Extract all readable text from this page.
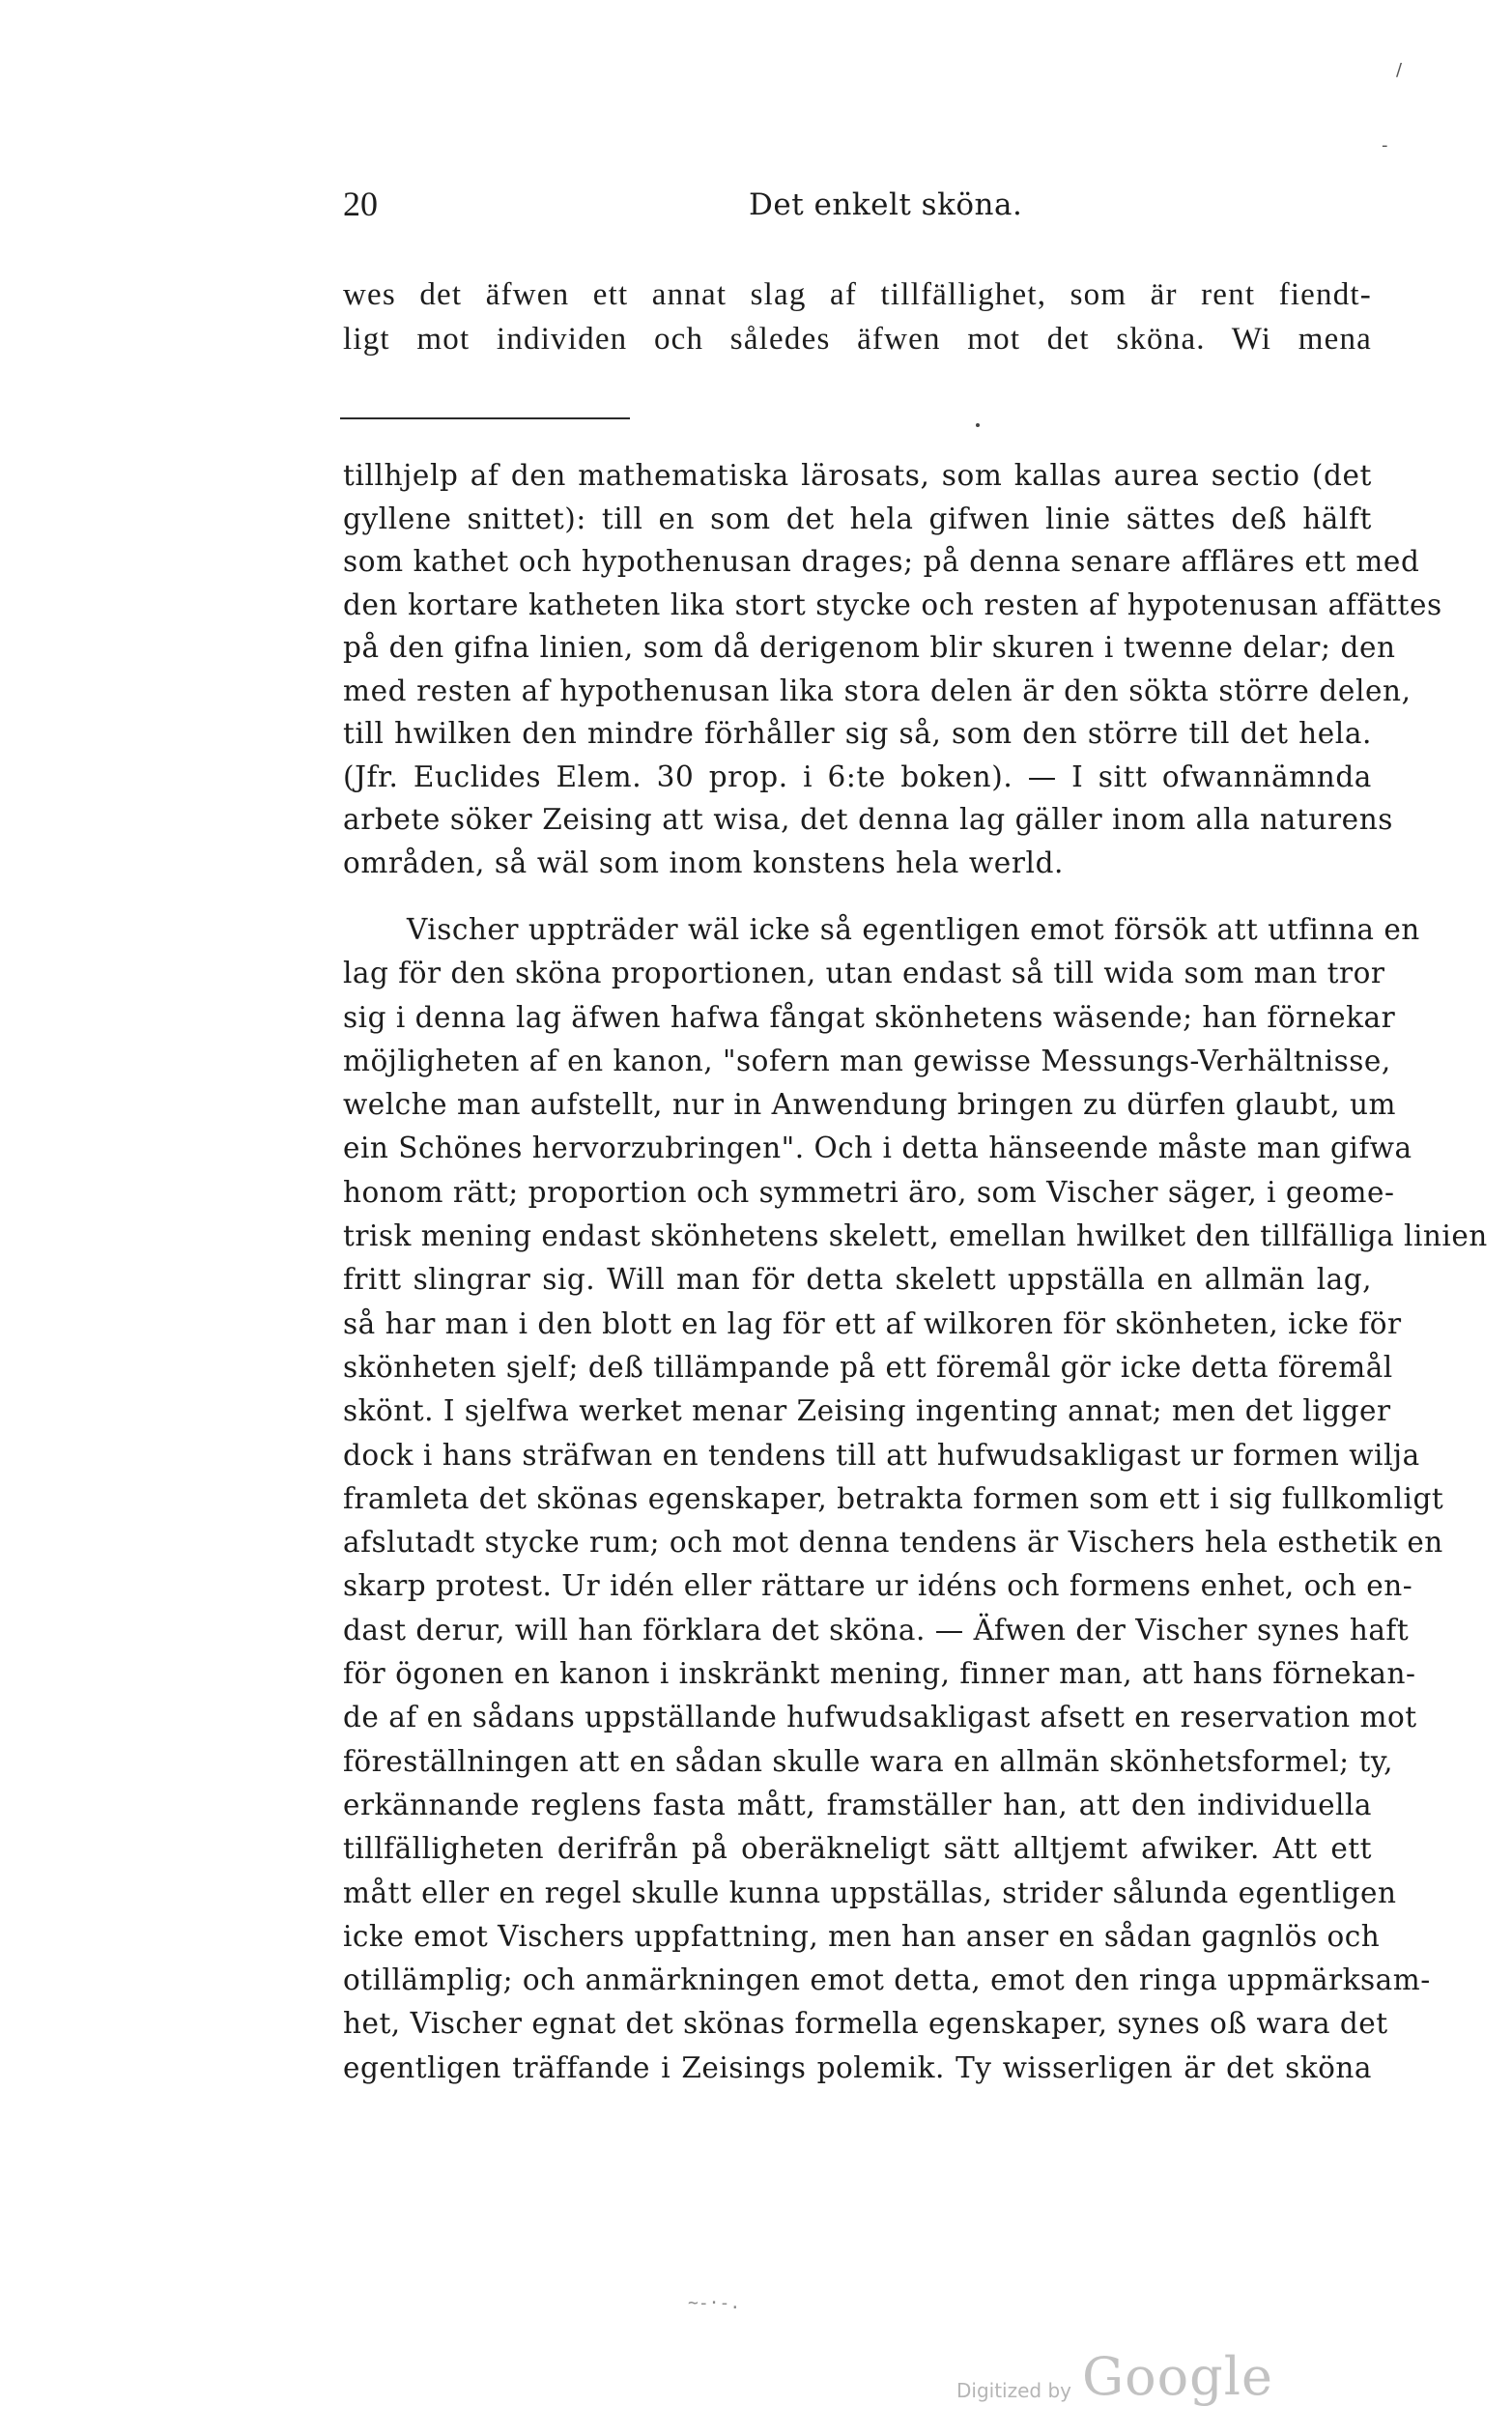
20	Det enkelt sköna.
wes det äfwen ett annat slag af tillfällighet, som är rent fiendt-
ligt mot individen och således äfwen mot det sköna. Wi mena
tillhjelp af den mathematiska lärosats, som kallas aurea sectio (det
gyllene snittet): till en som det hela gifwen linie sättes deß hälft
som kathet och hypothenusan drages; på denna senare affläres ett med
den kortare katheten lika stort stycke och resten af hypotenusan affättes
på den gifna linien, som då derigenom blir skuren i twenne delar; den
med resten af hypothenusan lika stora delen är den sökta större delen,
till hwilken den mindre förhåller sig så, som den större till det hela.
(Jfr. Euclides Elem. 30 prop. i 6:te boken). — I sitt ofwannämnda
arbete söker Zeising att wisa, det denna lag gäller inom alla naturens
områden, så wäl som inom konstens hela werld.
Vischer uppträder wäl icke så egentligen emot försök att utfinna en
lag för den sköna proportionen, utan endast så till wida som man tror
sig i denna lag äfwen hafwa fångat skönhetens wäsende; han förnekar
möjligheten af en kanon, "sofern man gewisse Messungs-Verhältnisse,
welche man aufstellt, nur in Anwendung bringen zu dürfen glaubt, um
ein Schönes hervorzubringen". Och i detta hänseende måste man gifwa
honom rätt; proportion och symmetri äro, som Vischer säger, i geome-
trisk mening endast skönhetens skelett, emellan hwilket den tillfälliga linien
fritt slingrar sig. Will man för detta skelett uppställa en allmän lag,
så har man i den blott en lag för ett af wilkoren för skönheten, icke för
skönheten sjelf; deß tillämpande på ett föremål gör icke detta föremål
skönt. I sjelfwa werket menar Zeising ingenting annat; men det ligger
dock i hans sträfwan en tendens till att hufwudsakligast ur formen wilja
framleta det skönas egenskaper, betrakta formen som ett i sig fullkomligt
afslutadt stycke rum; och mot denna tendens är Vischers hela esthetik en
skarp protest. Ur idén eller rättare ur idéns och formens enhet, och en-
dast derur, will han förklara det sköna. — Äfwen der Vischer synes haft
för ögonen en kanon i inskränkt mening, finner man, att hans förnekan-
de af en sådans uppställande hufwudsakligast afsett en reservation mot
föreställningen att en sådan skulle wara en allmän skönhetsformel; ty,
erkännande reglens fasta mått, framställer han, att den individuella
tillfälligheten derifrån på oberäkneligt sätt alltjemt afwiker. Att ett
mått eller en regel skulle kunna uppställas, strider sålunda egentligen
icke emot Vischers uppfattning, men han anser en sådan gagnlös och
otillämplig; och anmärkningen emot detta, emot den ringa uppmärksam-
het, Vischer egnat det skönas formella egenskaper, synes oß wara det
egentligen träffande i Zeisings polemik. Ty wisserligen är det sköna
/
-
~-·-.
Digitized by Google
